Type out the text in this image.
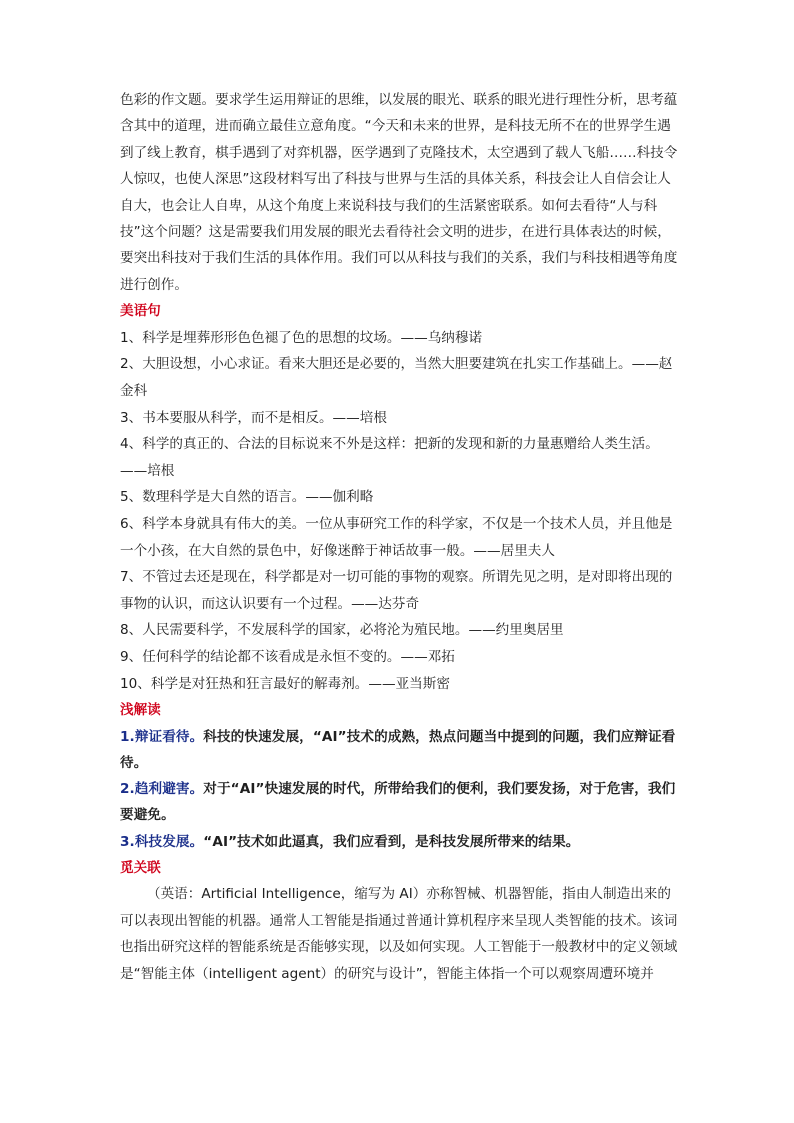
色彩的作文题。要求学生运用辩证的思维，以发展的眼光、联系的眼光进行理性分析，思考蕴含其中的道理，进而确立最佳立意角度。“今天和未来的世界，是科技无所不在的世界学生遇到了线上教育，棋手遇到了对弈机器，医学遇到了克隆技术，太空遇到了载人飞船……科技令人惊叹，也使人深思”这段材料写出了科技与世界与生活的具体关系，科技会让人自信会让人自大，也会让人自卑，从这个角度上来说科技与我们的生活紧密联系。如何去看待“人与科技”这个问题？这是需要我们用发展的眼光去看待社会文明的进步，在进行具体表达的时候，要突出科技对于我们生活的具体作用。我们可以从科技与我们的关系，我们与科技相遇等角度进行创作。

美语句
1、科学是埋葬形形色色褪了色的思想的坟场。——乌纳穆诺
2、大胆设想，小心求证。看来大胆还是必要的，当然大胆要建筑在扎实工作基础上。——赵金科
3、书本要服从科学，而不是相反。——培根
4、科学的真正的、合法的目标说来不外是这样：把新的发现和新的力量惠赠给人类生活。——培根
5、数理科学是大自然的语言。——伽利略
6、科学本身就具有伟大的美。一位从事研究工作的科学家，不仅是一个技术人员，并且他是一个小孩，在大自然的景色中，好像迷醉于神话故事一般。——居里夫人
7、不管过去还是现在，科学都是对一切可能的事物的观察。所谓先见之明，是对即将出现的事物的认识，而这认识要有一个过程。——达芬奇
8、人民需要科学，不发展科学的国家，必将沦为殖民地。——约里奥居里
9、任何科学的结论都不该看成是永恒不变的。——邓拓
10、科学是对狂热和狂言最好的解毒剂。——亚当斯密
浅解读
1.辩证看待。科技的快速发展，“AI”技术的成熟，热点问题当中提到的问题，我们应辩证看待。
2.趋利避害。对于“AI”快速发展的时代，所带给我们的便利，我们要发扬，对于危害，我们要避免。
3.科技发展。“AI”技术如此逼真，我们应看到，是科技发展所带来的结果。
觅关联

（英语：Artificial Intelligence，缩写为 AI）亦称智械、机器智能，指由人制造出来的可以表现出智能的机器。通常人工智能是指通过普通计算机程序来呈现人类智能的技术。该词也指出研究这样的智能系统是否能够实现，以及如何实现。人工智能于一般教材中的定义领域是“智能主体（intelligent agent）的研究与设计”，智能主体指一个可以观察周遭环境并
